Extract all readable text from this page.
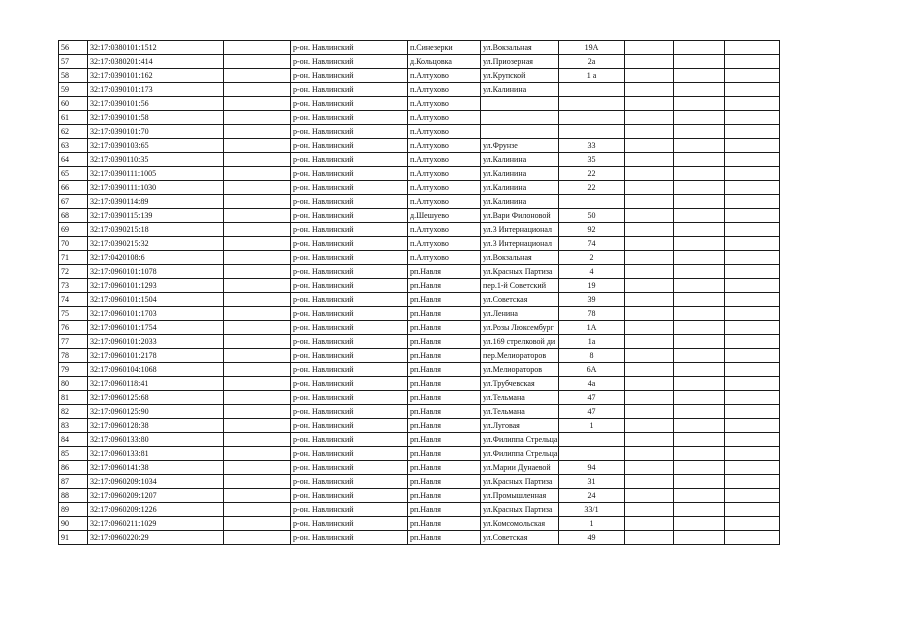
56	32:17:0380101:1512		р-он. Навлинский	п.Синезерки	ул.Вокзальная	19А			
57	32:17:0380201:414		р-он. Навлинский	д.Кольцовка	ул.Приозерная	2а			
58	32:17:0390101:162		р-он. Навлинский	п.Алтухово	ул.Крупской	1 а			
59	32:17:0390101:173		р-он. Навлинский	п.Алтухово	ул.Калинина				
60	32:17:0390101:56		р-он. Навлинский	п.Алтухово					
61	32:17:0390101:58		р-он. Навлинский	п.Алтухово					
62	32:17:0390101:70		р-он. Навлинский	п.Алтухово					
63	32:17:0390103:65		р-он. Навлинский	п.Алтухово	ул.Фрунзе	33			
64	32:17:0390110:35		р-он. Навлинский	п.Алтухово	ул.Калинина	35			
65	32:17:0390111:1005		р-он. Навлинский	п.Алтухово	ул.Калинина	22			
66	32:17:0390111:1030		р-он. Навлинский	п.Алтухово	ул.Калинина	22			
67	32:17:0390114:89		р-он. Навлинский	п.Алтухово	ул.Калинина				
68	32:17:0390115:139		р-он. Навлинский	д.Шешуево	ул.Вари Филоновой	50			
69	32:17:0390215:18		р-он. Навлинский	п.Алтухово	ул.3 Интернационал	92			
70	32:17:0390215:32		р-он. Навлинский	п.Алтухово	ул.3 Интернационал	74			
71	32:17:0420108:6		р-он. Навлинский	п.Алтухово	ул.Вокзальная	2			
72	32:17:0960101:1078		р-он. Навлинский	рп.Навля	ул.Красных Партиза	4			
73	32:17:0960101:1293		р-он. Навлинский	рп.Навля	пер.1-й Советский	19			
74	32:17:0960101:1504		р-он. Навлинский	рп.Навля	ул.Советская	39			
75	32:17:0960101:1703		р-он. Навлинский	рп.Навля	ул.Ленина	78			
76	32:17:0960101:1754		р-он. Навлинский	рп.Навля	ул.Розы Люксембург	1А			
77	32:17:0960101:2033		р-он. Навлинский	рп.Навля	ул.169 стрелковой ди	1а			
78	32:17:0960101:2178		р-он. Навлинский	рп.Навля	пер.Мелиораторов	8			
79	32:17:0960104:1068		р-он. Навлинский	рп.Навля	ул.Мелиораторов	6А			
80	32:17:0960118:41		р-он. Навлинский	рп.Навля	ул.Трубчевская	4а			
81	32:17:0960125:68		р-он. Навлинский	рп.Навля	ул.Тельмана	47			
82	32:17:0960125:90		р-он. Навлинский	рп.Навля	ул.Тельмана	47			
83	32:17:0960128:38		р-он. Навлинский	рп.Навля	ул.Луговая	1			
84	32:17:0960133:80		р-он. Навлинский	рп.Навля	ул.Филиппа Стрельца				
85	32:17:0960133:81		р-он. Навлинский	рп.Навля	ул.Филиппа Стрельца				
86	32:17:0960141:38		р-он. Навлинский	рп.Навля	ул.Марии Дунаевой	94			
87	32:17:0960209:1034		р-он. Навлинский	рп.Навля	ул.Красных Партиза	31			
88	32:17:0960209:1207		р-он. Навлинский	рп.Навля	ул.Промышленная	24			
89	32:17:0960209:1226		р-он. Навлинский	рп.Навля	ул.Красных Партиза	33/1			
90	32:17:0960211:1029		р-он. Навлинский	рп.Навля	ул.Комсомольская	1			
91	32:17:0960220:29		р-он. Навлинский	рп.Навля	ул.Советская	49			
